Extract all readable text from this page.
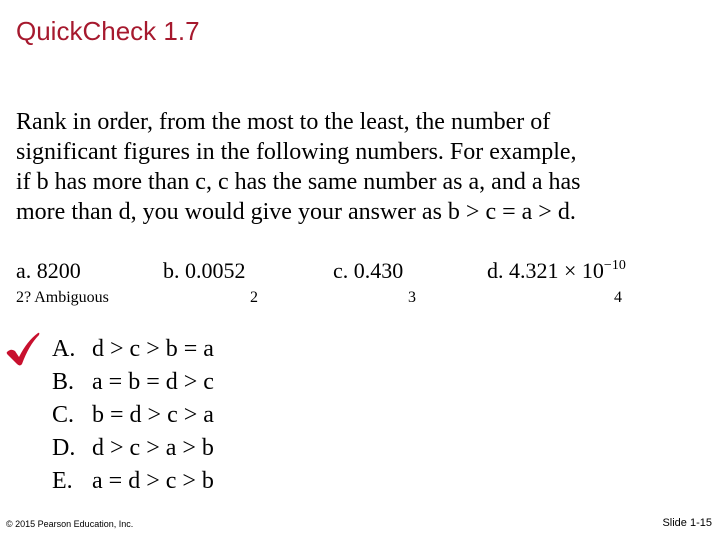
QuickCheck 1.7
Rank in order, from the most to the least, the number of
significant figures in the following numbers. For example,
if b has more than c, c has the same number as a, and a has
more than d, you would give your answer as b > c = a > d.
a. 8200	b. 0.0052	c. 0.430	d. $4.321 \times 10^{-10}$
2? Ambiguous	2	3	4
A. d > c > b = a
B. a = b = d > c
C. b = d > c > a
D. d > c > a > b
E. a = d > c > b
© 2015 Pearson Education, Inc.	Slide 1-15
